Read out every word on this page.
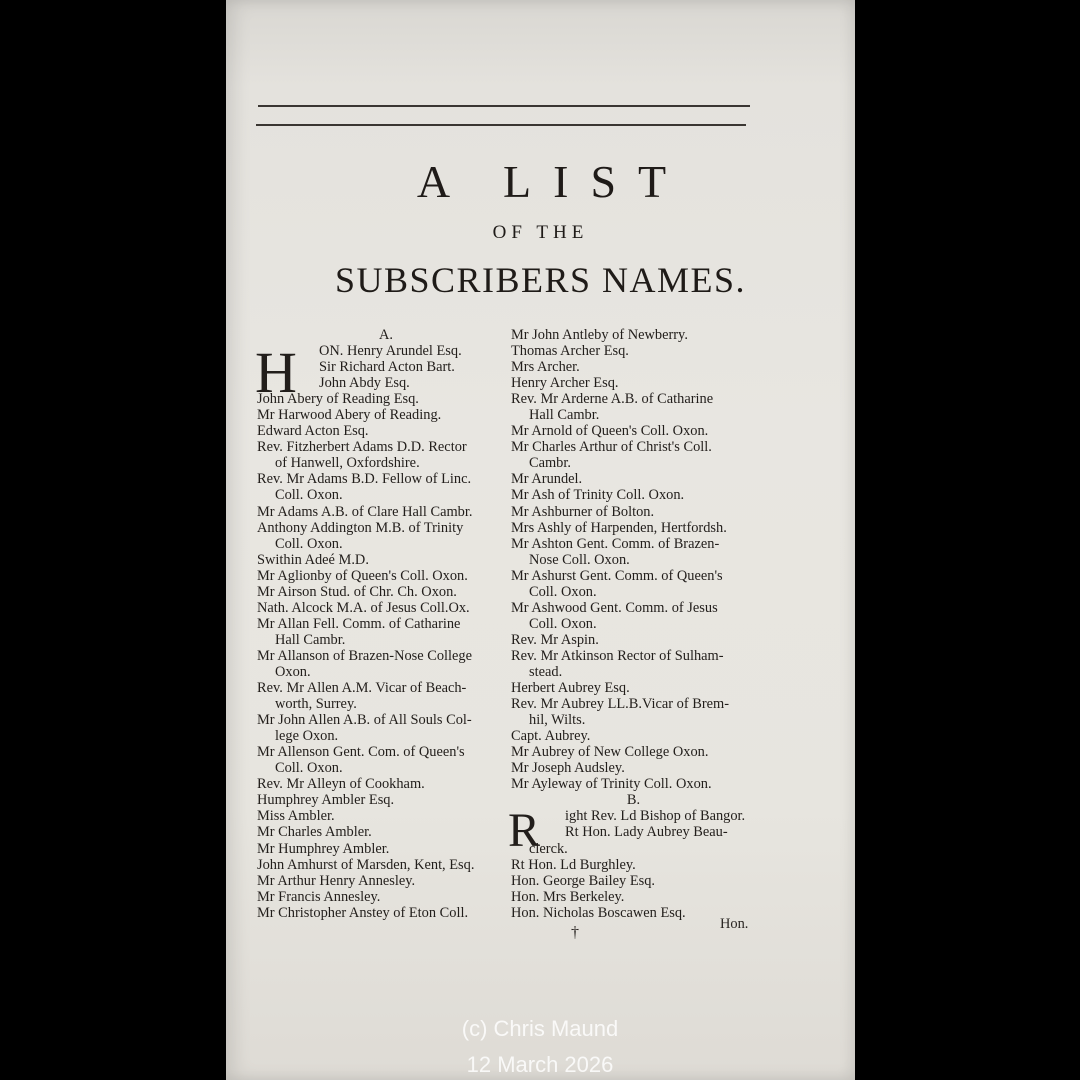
A LIST
OF THE
SUBSCRIBERS NAMES.
A.
H	ON. Henry Arundel Esq.
Sir Richard Acton Bart.
John Abdy Esq.
John Abery of Reading Esq.
Mr Harwood Abery of Reading.
Edward Acton Esq.
Rev. Fitzherbert Adams D.D. Rector
of Hanwell, Oxfordshire.
Rev. Mr Adams B.D. Fellow of Linc.
Coll. Oxon.
Mr Adams A.B. of Clare Hall Cambr.
Anthony Addington M.B. of Trinity
Coll. Oxon.
Swithin Adeé M.D.
Mr Aglionby of Queen's Coll. Oxon.
Mr Airson Stud. of Chr. Ch. Oxon.
Nath. Alcock M.A. of Jesus Coll.Ox.
Mr Allan Fell. Comm. of Catharine
Hall Cambr.
Mr Allanson of Brazen-Nose College
Oxon.
Rev. Mr Allen A.M. Vicar of Beach-
worth, Surrey.
Mr John Allen A.B. of All Souls Col-
lege Oxon.
Mr Allenson Gent. Com. of Queen's
Coll. Oxon.
Rev. Mr Alleyn of Cookham.
Humphrey Ambler Esq.
Miss Ambler.
Mr Charles Ambler.
Mr Humphrey Ambler.
John Amhurst of Marsden, Kent, Esq.
Mr Arthur Henry Annesley.
Mr Francis Annesley.
Mr Christopher Anstey of Eton Coll.
R
Mr John Antleby of Newberry.
Thomas Archer Esq.
Mrs Archer.
Henry Archer Esq.
Rev. Mr Arderne A.B. of Catharine
Hall Cambr.
Mr Arnold of Queen's Coll. Oxon.
Mr Charles Arthur of Christ's Coll.
Cambr.
Mr Arundel.
Mr Ash of Trinity Coll. Oxon.
Mr Ashburner of Bolton.
Mrs Ashly of Harpenden, Hertfordsh.
Mr Ashton Gent. Comm. of Brazen-
Nose Coll. Oxon.
Mr Ashurst Gent. Comm. of Queen's
Coll. Oxon.
Mr Ashwood Gent. Comm. of Jesus
Coll. Oxon.
Rev. Mr Aspin.
Rev. Mr Atkinson Rector of Sulham-
stead.
Herbert Aubrey Esq.
Rev. Mr Aubrey LL.B.Vicar of Brem-
hil, Wilts.
Capt. Aubrey.
Mr Aubrey of New College Oxon.
Mr Joseph Audsley.
Mr Ayleway of Trinity Coll. Oxon.
B.
ight Rev. Ld Bishop of Bangor.
Rt Hon. Lady Aubrey Beau-
clerck.
Rt Hon. Ld Burghley.
Hon. George Bailey Esq.
Hon. Mrs Berkeley.
Hon. Nicholas Boscawen Esq.
†	Hon.
(c) Chris Maund
12 March 2026
